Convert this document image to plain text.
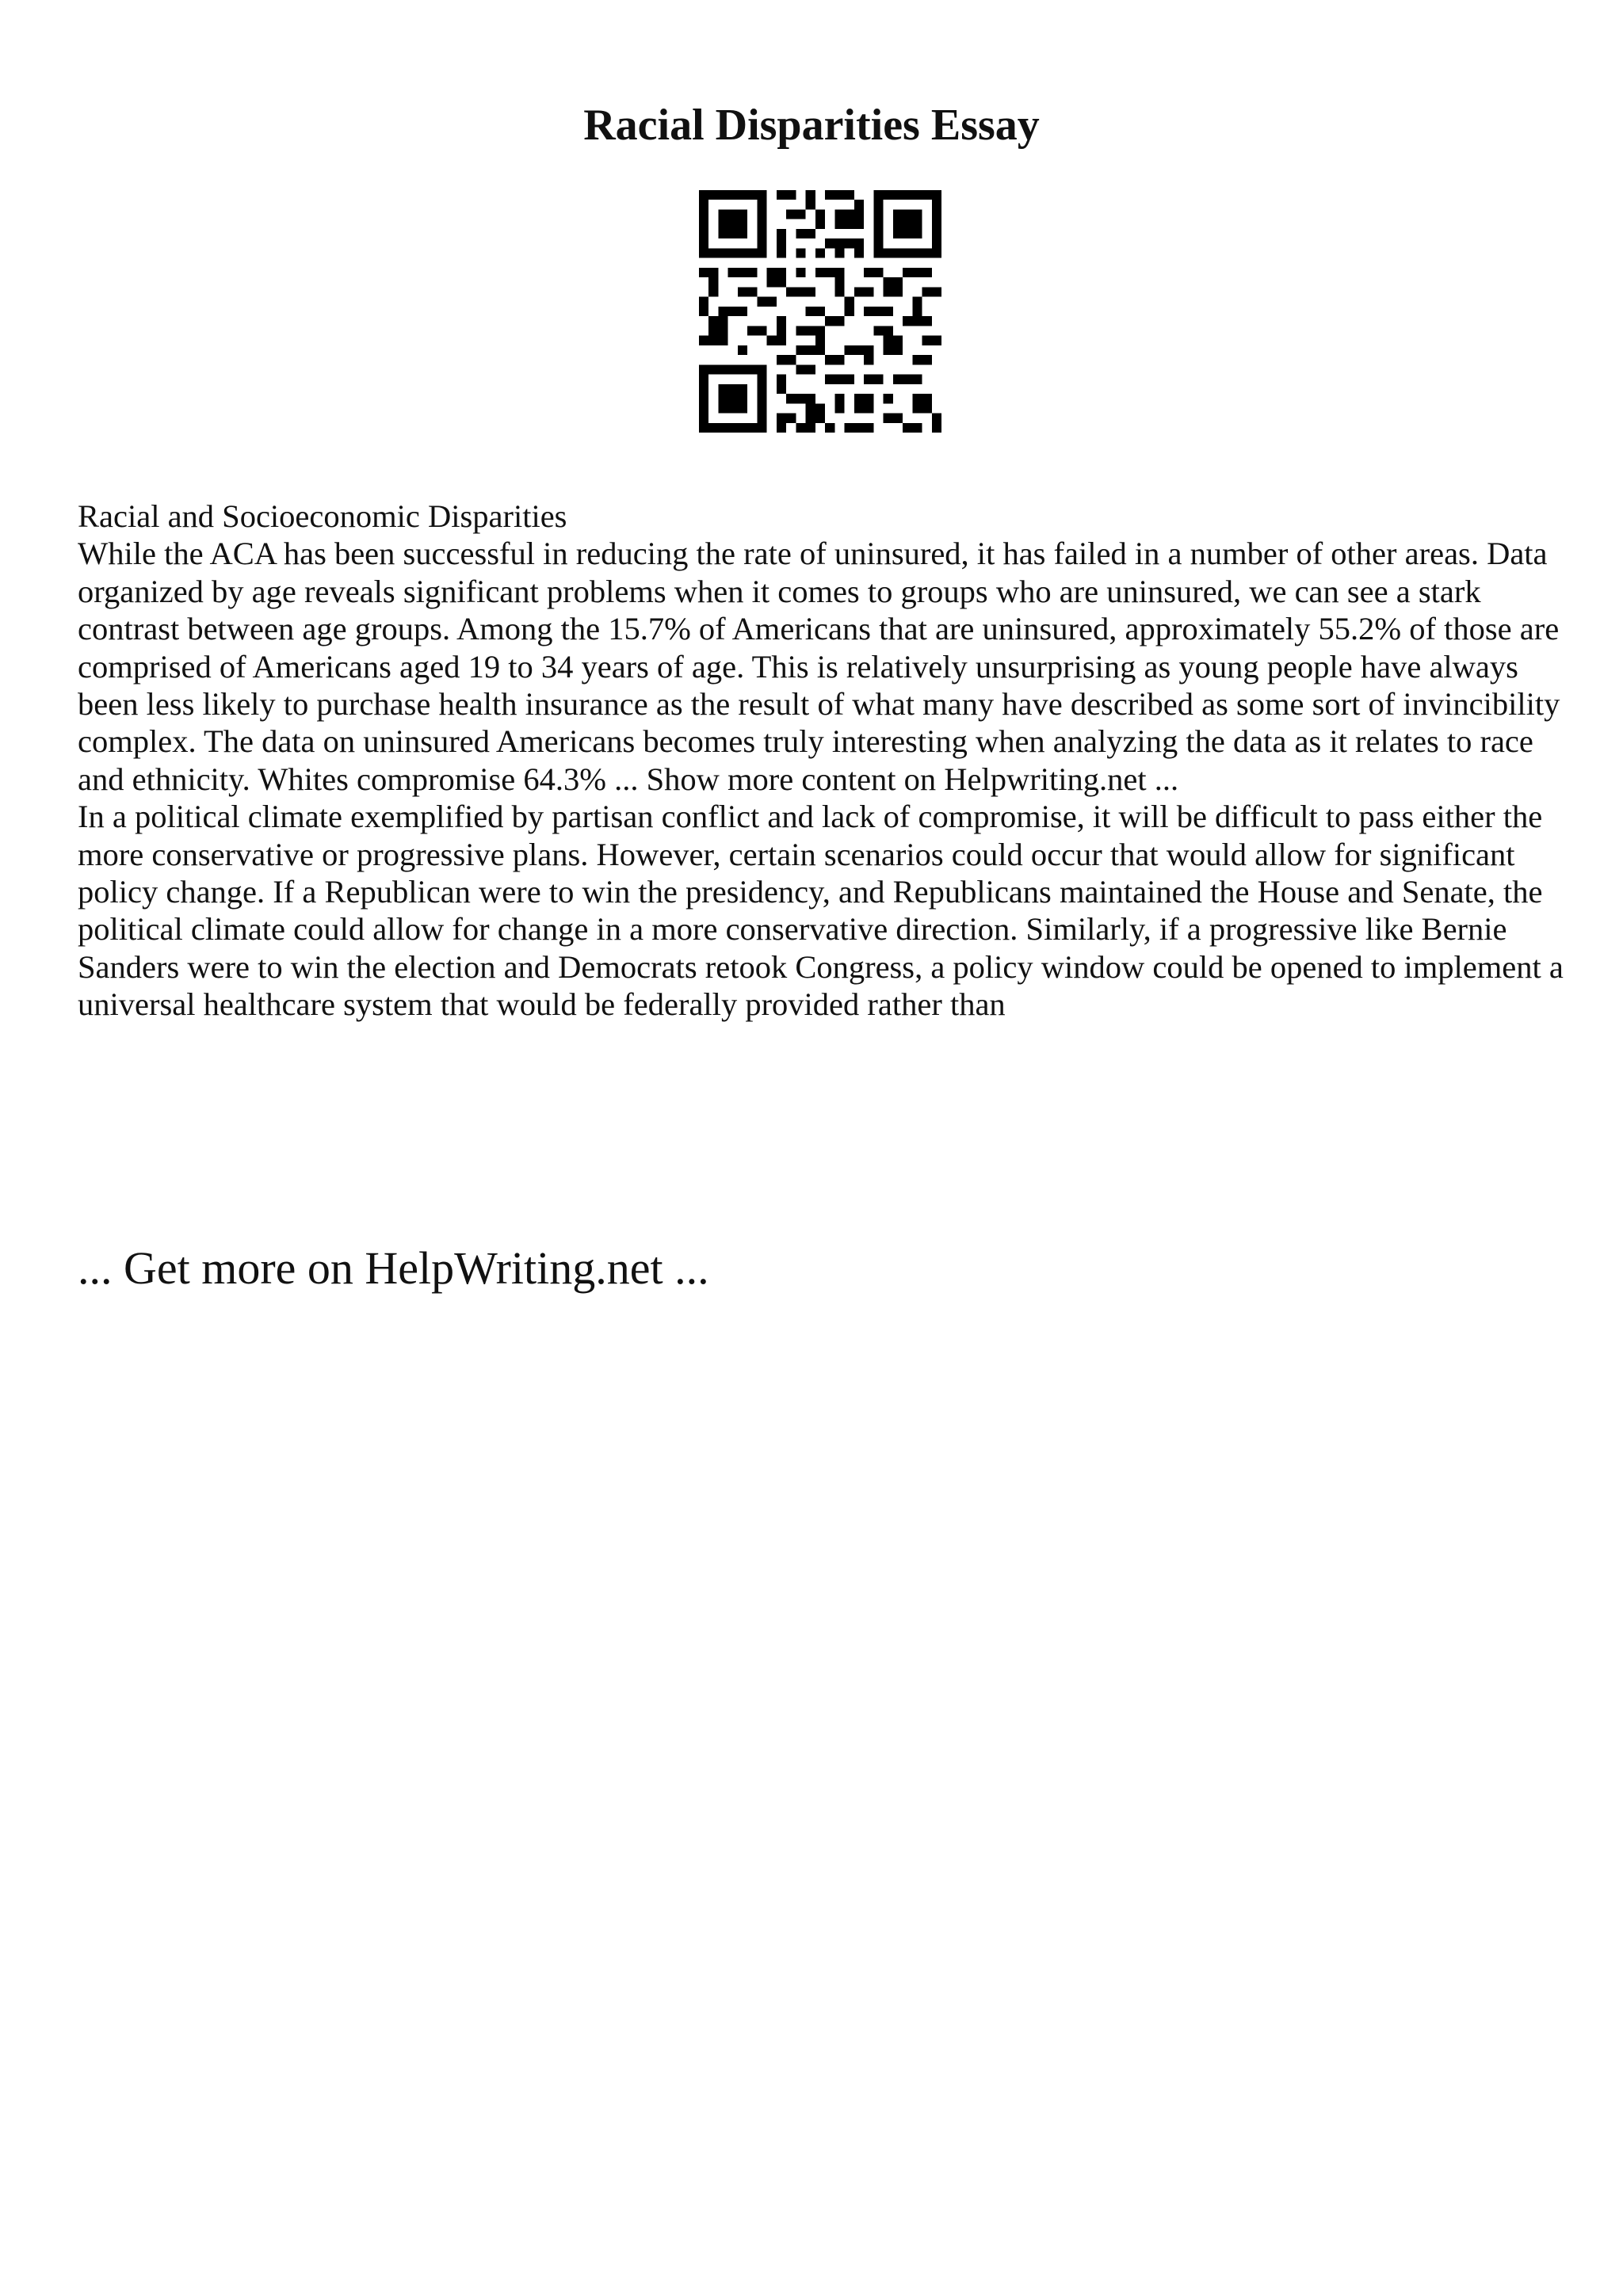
Racial Disparities Essay

Racial and Socioeconomic Disparities

While the ACA has been successful in reducing the rate of uninsured, it has failed in a number of other areas. Data organized by age reveals significant problems when it comes to groups who are uninsured, we can see a stark contrast between age groups. Among the 15.7% of Americans that are uninsured, approximately 55.2% of those are comprised of Americans aged 19 to 34 years of age. This is relatively unsurprising as young people have always been less likely to purchase health insurance as the result of what many have described as some sort of invincibility complex. The data on uninsured Americans becomes truly interesting when analyzing the data as it relates to race and ethnicity. Whites compromise 64.3% ... Show more content on Helpwriting.net ...

In a political climate exemplified by partisan conflict and lack of compromise, it will be difficult to pass either the more conservative or progressive plans. However, certain scenarios could occur that would allow for significant policy change. If a Republican were to win the presidency, and Republicans maintained the House and Senate, the political climate could allow for change in a more conservative direction. Similarly, if a progressive like Bernie Sanders were to win the election and Democrats retook Congress, a policy window could be opened to implement a universal healthcare system that would be federally provided rather than

... Get more on HelpWriting.net ...
